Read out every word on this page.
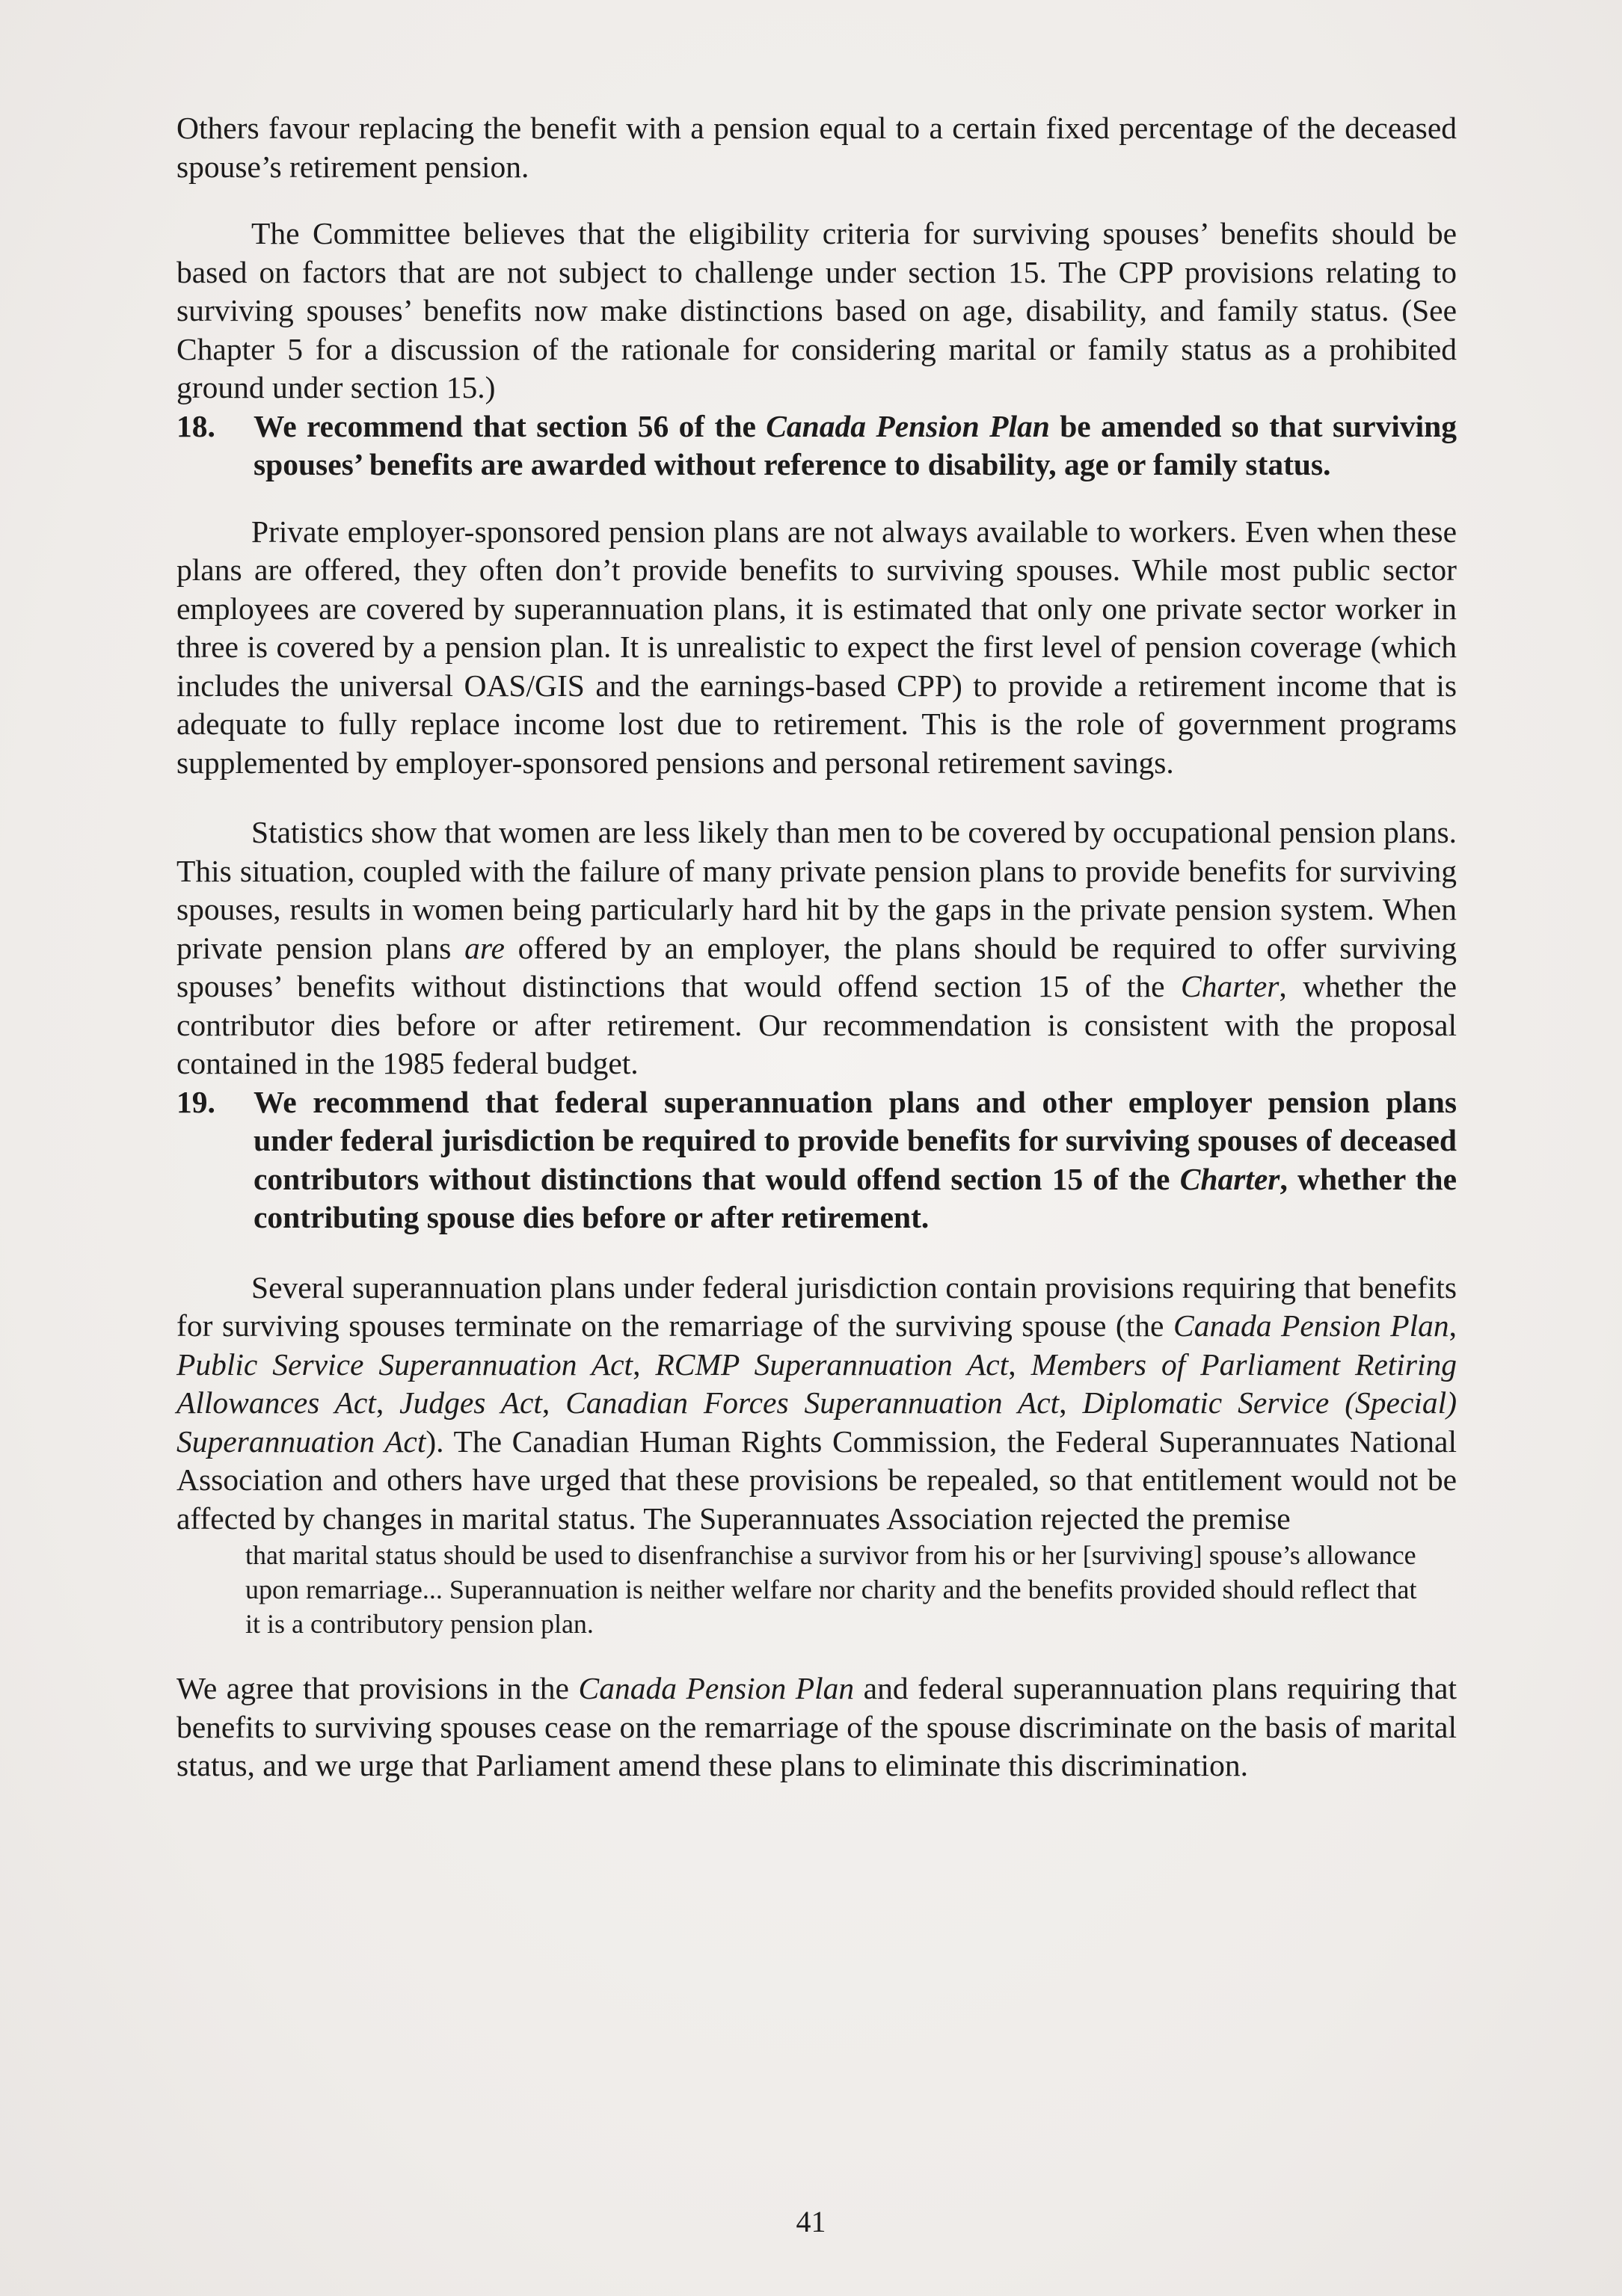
Others favour replacing the benefit with a pension equal to a certain fixed percentage of the deceased spouse’s retirement pension.

The Committee believes that the eligibility criteria for surviving spouses’ benefits should be based on factors that are not subject to challenge under section 15. The CPP provisions relating to surviving spouses’ benefits now make distinctions based on age, disability, and family status. (See Chapter 5 for a discussion of the rationale for considering marital or family status as a prohibited ground under section 15.)

18. We recommend that section 56 of the Canada Pension Plan be amended so that surviving spouses’ benefits are awarded without reference to disability, age or family status.

Private employer-sponsored pension plans are not always available to workers. Even when these plans are offered, they often don’t provide benefits to surviving spouses. While most public sector employees are covered by superannuation plans, it is estimated that only one private sector worker in three is covered by a pension plan. It is unrealistic to expect the first level of pension coverage (which includes the universal OAS/GIS and the earnings-based CPP) to provide a retirement income that is adequate to fully replace income lost due to retirement. This is the role of government programs supplemented by employer-sponsored pensions and personal retirement savings.

Statistics show that women are less likely than men to be covered by occupational pension plans. This situation, coupled with the failure of many private pension plans to provide benefits for surviving spouses, results in women being particularly hard hit by the gaps in the private pension system. When private pension plans are offered by an employer, the plans should be required to offer surviving spouses’ benefits without distinctions that would offend section 15 of the Charter, whether the contributor dies before or after retirement. Our recommendation is consistent with the proposal contained in the 1985 federal budget.

19. We recommend that federal superannuation plans and other employer pension plans under federal jurisdiction be required to provide benefits for surviving spouses of deceased contributors without distinctions that would offend section 15 of the Charter, whether the contributing spouse dies before or after retirement.

Several superannuation plans under federal jurisdiction contain provisions requiring that benefits for surviving spouses terminate on the remarriage of the surviving spouse (the Canada Pension Plan, Public Service Superannuation Act, RCMP Superannuation Act, Members of Parliament Retiring Allowances Act, Judges Act, Canadian Forces Superannuation Act, Diplomatic Service (Special) Superannuation Act). The Canadian Human Rights Commission, the Federal Superannuates National Association and others have urged that these provisions be repealed, so that entitlement would not be affected by changes in marital status. The Superannuates Association rejected the premise

that marital status should be used to disenfranchise a survivor from his or her [surviving] spouse’s allowance upon remarriage... Superannuation is neither welfare nor charity and the benefits provided should reflect that it is a contributory pension plan.

We agree that provisions in the Canada Pension Plan and federal superannuation plans requiring that benefits to surviving spouses cease on the remarriage of the spouse discriminate on the basis of marital status, and we urge that Parliament amend these plans to eliminate this discrimination.

41
